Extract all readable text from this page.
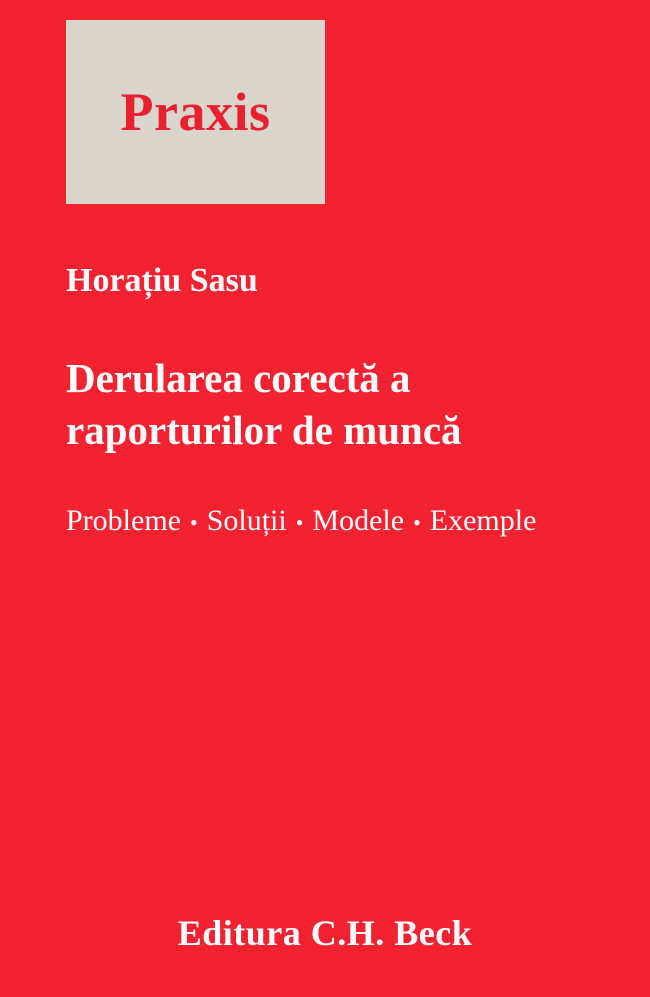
Praxis
Horațiu Sasu
Derularea corectă a
raporturilor de muncă
Probleme • Soluții • Modele • Exemple
Editura C.H. Beck
